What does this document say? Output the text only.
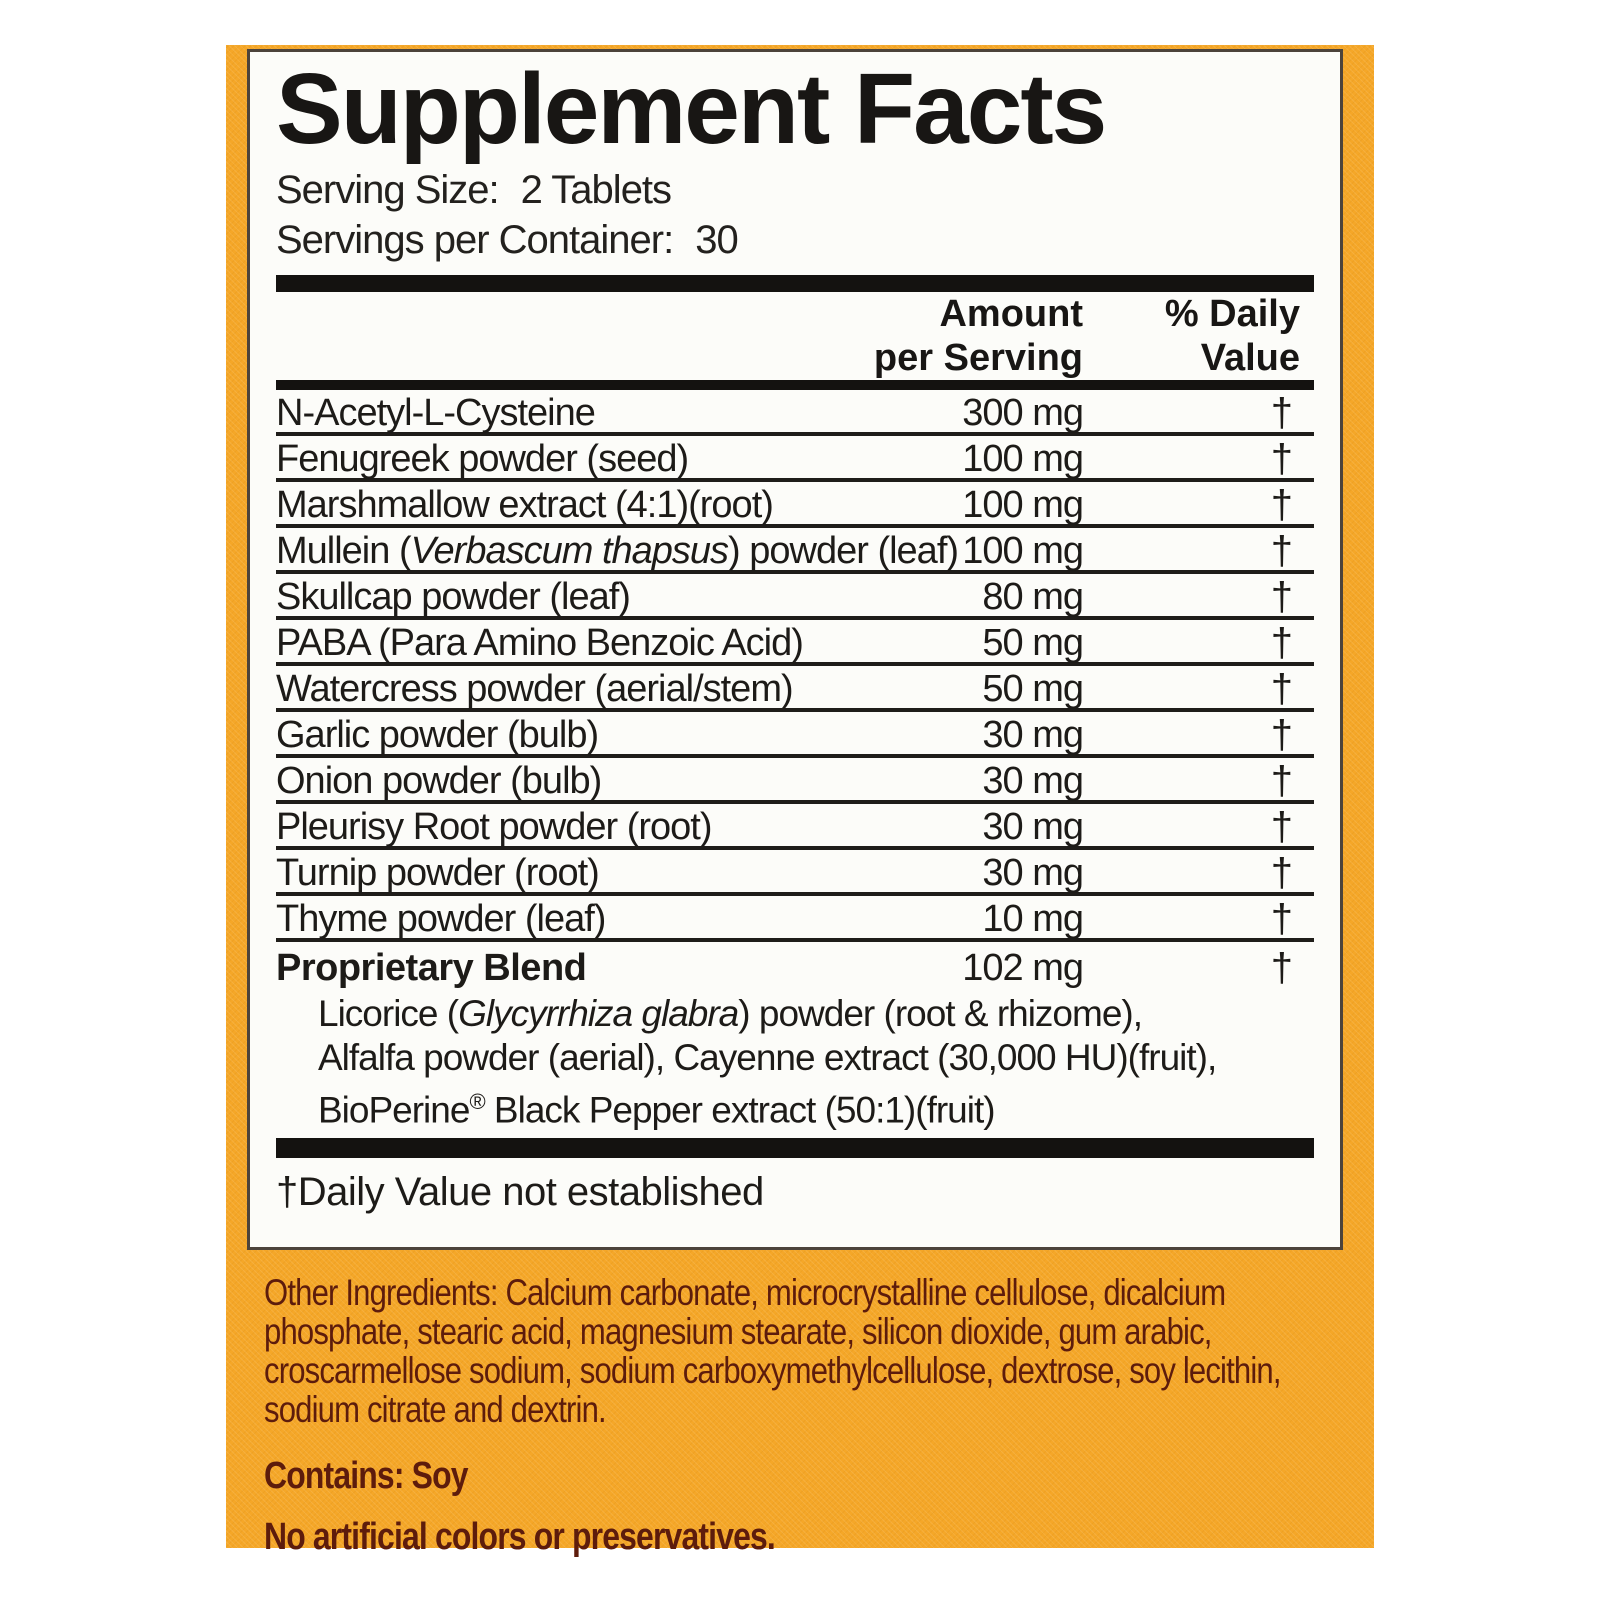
Supplement Facts
Serving Size: 2 Tablets
Servings per Container: 30
Amount
per Serving
% Daily
Value
N-Acetyl-L-Cysteine	300 mg	†
Fenugreek powder (seed)	100 mg	†
Marshmallow extract (4:1)(root)	100 mg	†
Mullein (Verbascum thapsus) powder (leaf) 100 mg	†
Skullcap powder (leaf)	80 mg	†
PABA (Para Amino Benzoic Acid)	50 mg	†
Watercress powder (aerial/stem)	50 mg	†
Garlic powder (bulb)	30 mg	†
Onion powder (bulb)	30 mg	†
Pleurisy Root powder (root)	30 mg	†
Turnip powder (root)	30 mg	†
Thyme powder (leaf)	10 mg	†
Proprietary Blend	102 mg	†
Licorice (Glycyrrhiza glabra) powder (root & rhizome),
Alfalfa powder (aerial), Cayenne extract (30,000 HU)(fruit),
BioPerine® Black Pepper extract (50:1)(fruit)
†Daily Value not established
Other Ingredients: Calcium carbonate, microcrystalline cellulose, dicalcium
phosphate, stearic acid, magnesium stearate, silicon dioxide, gum arabic,
croscarmellose sodium, sodium carboxymethylcellulose, dextrose, soy lecithin,
sodium citrate and dextrin.
Contains: Soy
No artificial colors or preservatives.
